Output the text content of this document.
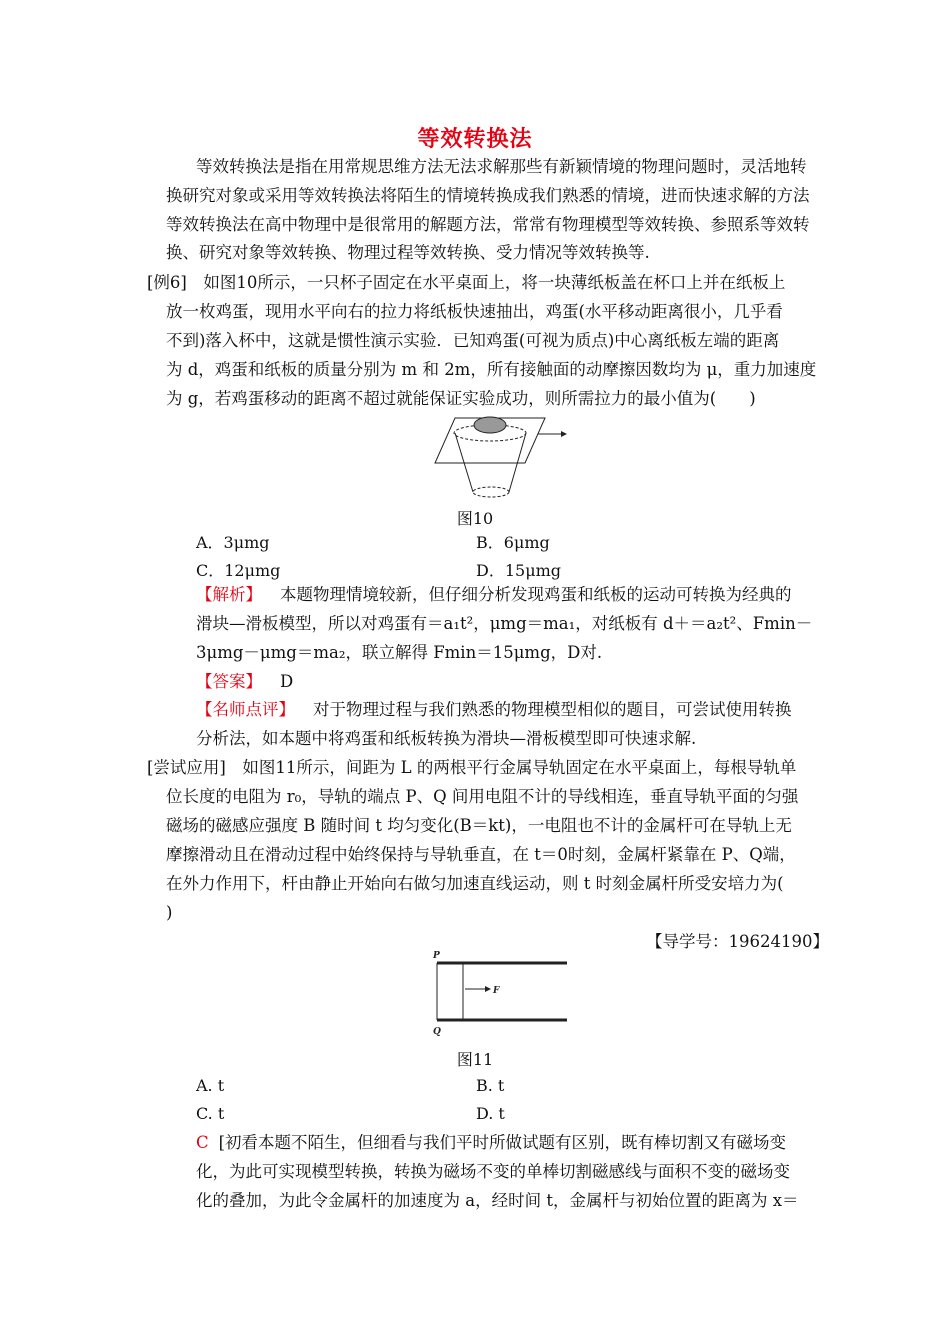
等效转换法
等效转换法是指在用常规思维方法无法求解那些有新颖情境的物理问题时，灵活地转
换研究对象或采用等效转换法将陌生的情境转换成我们熟悉的情境，进而快速求解的方法
等效转换法在高中物理中是很常用的解题方法，常常有物理模型等效转换、参照系等效转
换、研究对象等效转换、物理过程等效转换、受力情况等效转换等.
[例6]　如图10所示，一只杯子固定在水平桌面上，将一块薄纸板盖在杯口上并在纸板上
放一枚鸡蛋，现用水平向右的拉力将纸板快速抽出，鸡蛋(水平移动距离很小，几乎看
不到)落入杯中，这就是惯性演示实验．已知鸡蛋(可视为质点)中心离纸板左端的距离
为 d，鸡蛋和纸板的质量分别为 m 和 2m，所有接触面的动摩擦因数均为 μ，重力加速度
为 g，若鸡蛋移动的距离不超过就能保证实验成功，则所需拉力的最小值为(　　)
图10
A．3μmg	B．6μmg
C．12μmg	D．15μmg
【解析】 本题物理情境较新，但仔细分析发现鸡蛋和纸板的运动可转换为经典的
滑块—滑板模型，所以对鸡蛋有＝a₁t²，μmg＝ma₁，对纸板有 d＋＝a₂t²、Fmin－
3μmg－μmg＝ma₂，联立解得 Fmin＝15μmg，D对.
【答案】 D
【名师点评】 对于物理过程与我们熟悉的物理模型相似的题目，可尝试使用转换
分析法，如本题中将鸡蛋和纸板转换为滑块—滑板模型即可快速求解.
[尝试应用]　如图11所示，间距为 L 的两根平行金属导轨固定在水平桌面上，每根导轨单
位长度的电阻为 r₀，导轨的端点 P、Q 间用电阻不计的导线相连，垂直导轨平面的匀强
磁场的磁感应强度 B 随时间 t 均匀变化(B＝kt)，一电阻也不计的金属杆可在导轨上无
摩擦滑动且在滑动过程中始终保持与导轨垂直，在 t＝0时刻，金属杆紧靠在 P、Q端，
在外力作用下，杆由静止开始向右做匀加速直线运动，则 t 时刻金属杆所受安培力为(
)
【导学号：19624190】
P
Q
F
图11
A. t	B. t
C. t	D. t
C [初看本题不陌生，但细看与我们平时所做试题有区别，既有棒切割又有磁场变
化，为此可实现模型转换，转换为磁场不变的单棒切割磁感线与面积不变的磁场变
化的叠加，为此令金属杆的加速度为 a，经时间 t，金属杆与初始位置的距离为 x＝
